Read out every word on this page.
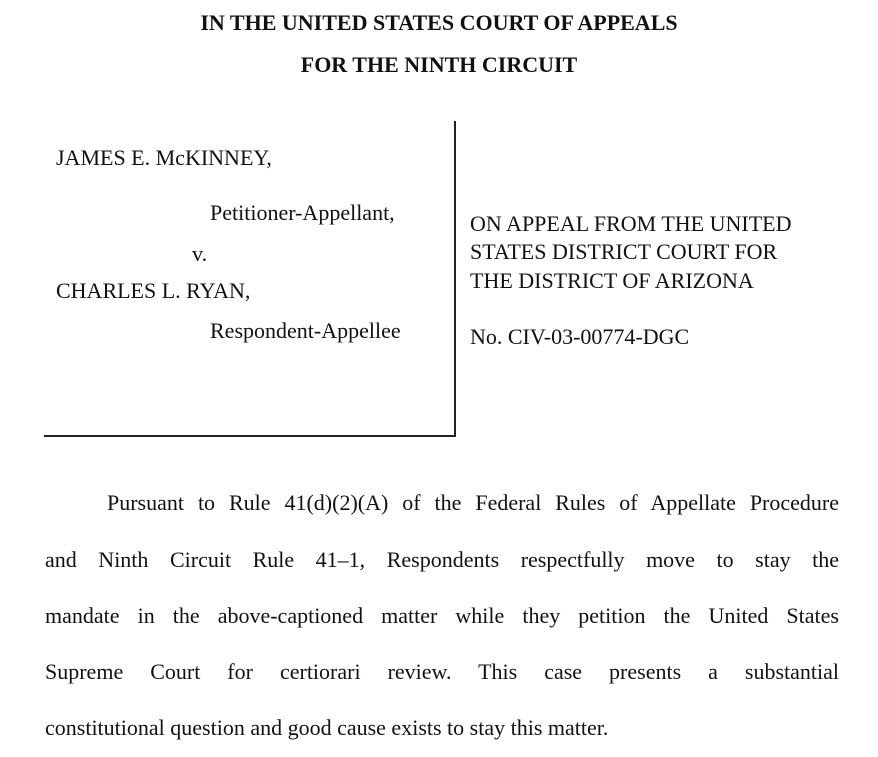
IN THE UNITED STATES COURT OF APPEALS
FOR THE NINTH CIRCUIT
JAMES E. McKINNEY,
Petitioner-Appellant,
v.
CHARLES L. RYAN,
Respondent-Appellee
ON APPEAL FROM THE UNITED
STATES DISTRICT COURT FOR
THE DISTRICT OF ARIZONA
No. CIV-03-00774-DGC
Pursuant to Rule 41(d)(2)(A) of the Federal Rules of Appellate Procedure
and Ninth Circuit Rule 41–1, Respondents respectfully move to stay the
mandate in the above-captioned matter while they petition the United States
Supreme Court for certiorari review. This case presents a substantial
constitutional question and good cause exists to stay this matter.
